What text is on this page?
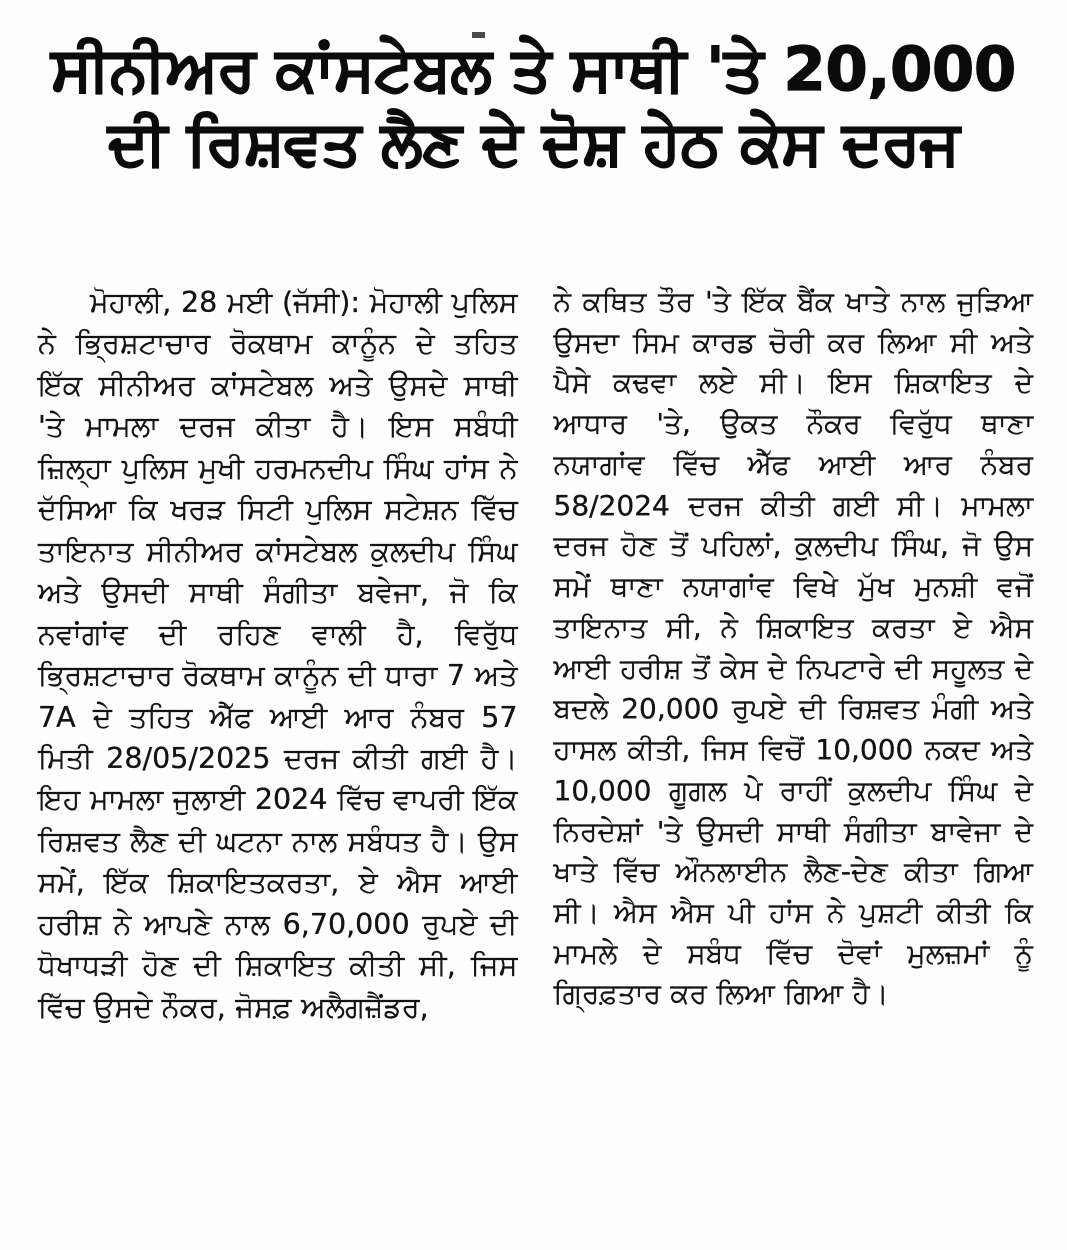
ਸੀਨੀਅਰ ਕਾਂਸਟੇਬਲ ਤੇ ਸਾਥੀ 'ਤੇ 20,000
ਦੀ ਰਿਸ਼ਵਤ ਲੈਣ ਦੇ ਦੋਸ਼ ਹੇਠ ਕੇਸ ਦਰਜ

ਮੋਹਾਲੀ, 28 ਮਈ (ਜੱਸੀ): ਮੋਹਾਲੀ ਪੁਲਿਸ ਨੇ ਭ੍ਰਿਸ਼ਟਾਚਾਰ ਰੋਕਥਾਮ ਕਾਨੂੰਨ ਦੇ ਤਹਿਤ ਇੱਕ ਸੀਨੀਅਰ ਕਾਂਸਟੇਬਲ ਅਤੇ ਉਸਦੇ ਸਾਥੀ 'ਤੇ ਮਾਮਲਾ ਦਰਜ ਕੀਤਾ ਹੈ। ਇਸ ਸਬੰਧੀ ਜ਼ਿਲ੍ਹਾ ਪੁਲਿਸ ਮੁਖੀ ਹਰਮਨਦੀਪ ਸਿੰਘ ਹਾਂਸ ਨੇ ਦੱਸਿਆ ਕਿ ਖਰੜ ਸਿਟੀ ਪੁਲਿਸ ਸਟੇਸ਼ਨ ਵਿੱਚ ਤਾਇਨਾਤ ਸੀਨੀਅਰ ਕਾਂਸਟੇਬਲ ਕੁਲਦੀਪ ਸਿੰਘ ਅਤੇ ਉਸਦੀ ਸਾਥੀ ਸੰਗੀਤਾ ਬਵੇਜਾ, ਜੋ ਕਿ ਨਵਾਂਗਾਂਵ ਦੀ ਰਹਿਣ ਵਾਲੀ ਹੈ, ਵਿਰੁੱਧ ਭ੍ਰਿਸ਼ਟਾਚਾਰ ਰੋਕਥਾਮ ਕਾਨੂੰਨ ਦੀ ਧਾਰਾ 7 ਅਤੇ 7A ਦੇ ਤਹਿਤ ਐੱਫ ਆਈ ਆਰ ਨੰਬਰ 57 ਮਿਤੀ 28/05/2025 ਦਰਜ ਕੀਤੀ ਗਈ ਹੈ। ਇਹ ਮਾਮਲਾ ਜੁਲਾਈ 2024 ਵਿੱਚ ਵਾਪਰੀ ਇੱਕ ਰਿਸ਼ਵਤ ਲੈਣ ਦੀ ਘਟਨਾ ਨਾਲ ਸਬੰਧਤ ਹੈ। ਉਸ ਸਮੇਂ, ਇੱਕ ਸ਼ਿਕਾਇਤਕਰਤਾ, ਏ ਐਸ ਆਈ ਹਰੀਸ਼ ਨੇ ਆਪਣੇ ਨਾਲ 6,70,000 ਰੁਪਏ ਦੀ ਧੋਖਾਧੜੀ ਹੋਣ ਦੀ ਸ਼ਿਕਾਇਤ ਕੀਤੀ ਸੀ, ਜਿਸ ਵਿੱਚ ਉਸਦੇ ਨੌਕਰ, ਜੋਸਫ਼ ਅਲੈਗਜ਼ੈਂਡਰ,

ਨੇ ਕਥਿਤ ਤੌਰ 'ਤੇ ਇੱਕ ਬੈਂਕ ਖਾਤੇ ਨਾਲ ਜੁੜਿਆ ਉਸਦਾ ਸਿਮ ਕਾਰਡ ਚੋਰੀ ਕਰ ਲਿਆ ਸੀ ਅਤੇ ਪੈਸੇ ਕਢਵਾ ਲਏ ਸੀ। ਇਸ ਸ਼ਿਕਾਇਤ ਦੇ ਆਧਾਰ 'ਤੇ, ਉਕਤ ਨੌਕਰ ਵਿਰੁੱਧ ਥਾਣਾ ਨਯਾਗਾਂਵ ਵਿੱਚ ਐੱਫ ਆਈ ਆਰ ਨੰਬਰ 58/2024 ਦਰਜ ਕੀਤੀ ਗਈ ਸੀ। ਮਾਮਲਾ ਦਰਜ ਹੋਣ ਤੋਂ ਪਹਿਲਾਂ, ਕੁਲਦੀਪ ਸਿੰਘ, ਜੋ ਉਸ ਸਮੇਂ ਥਾਣਾ ਨਯਾਗਾਂਵ ਵਿਖੇ ਮੁੱਖ ਮੁਨਸ਼ੀ ਵਜੋਂ ਤਾਇਨਾਤ ਸੀ, ਨੇ ਸ਼ਿਕਾਇਤ ਕਰਤਾ ਏ ਐਸ ਆਈ ਹਰੀਸ਼ ਤੋਂ ਕੇਸ ਦੇ ਨਿਪਟਾਰੇ ਦੀ ਸਹੂਲਤ ਦੇ ਬਦਲੇ 20,000 ਰੁਪਏ ਦੀ ਰਿਸ਼ਵਤ ਮੰਗੀ ਅਤੇ ਹਾਸਲ ਕੀਤੀ, ਜਿਸ ਵਿਚੋਂ 10,000 ਨਕਦ ਅਤੇ 10,000 ਗੂਗਲ ਪੇ ਰਾਹੀਂ ਕੁਲਦੀਪ ਸਿੰਘ ਦੇ ਨਿਰਦੇਸ਼ਾਂ 'ਤੇ ਉਸਦੀ ਸਾਥੀ ਸੰਗੀਤਾ ਬਾਵੇਜਾ ਦੇ ਖਾਤੇ ਵਿੱਚ ਔਨਲਾਈਨ ਲੈਣ-ਦੇਣ ਕੀਤਾ ਗਿਆ ਸੀ। ਐਸ ਐਸ ਪੀ ਹਾਂਸ ਨੇ ਪੁਸ਼ਟੀ ਕੀਤੀ ਕਿ ਮਾਮਲੇ ਦੇ ਸਬੰਧ ਵਿੱਚ ਦੋਵਾਂ ਮੁਲਜ਼ਮਾਂ ਨੂੰ ਗ੍ਰਿਫ਼ਤਾਰ ਕਰ ਲਿਆ ਗਿਆ ਹੈ।
